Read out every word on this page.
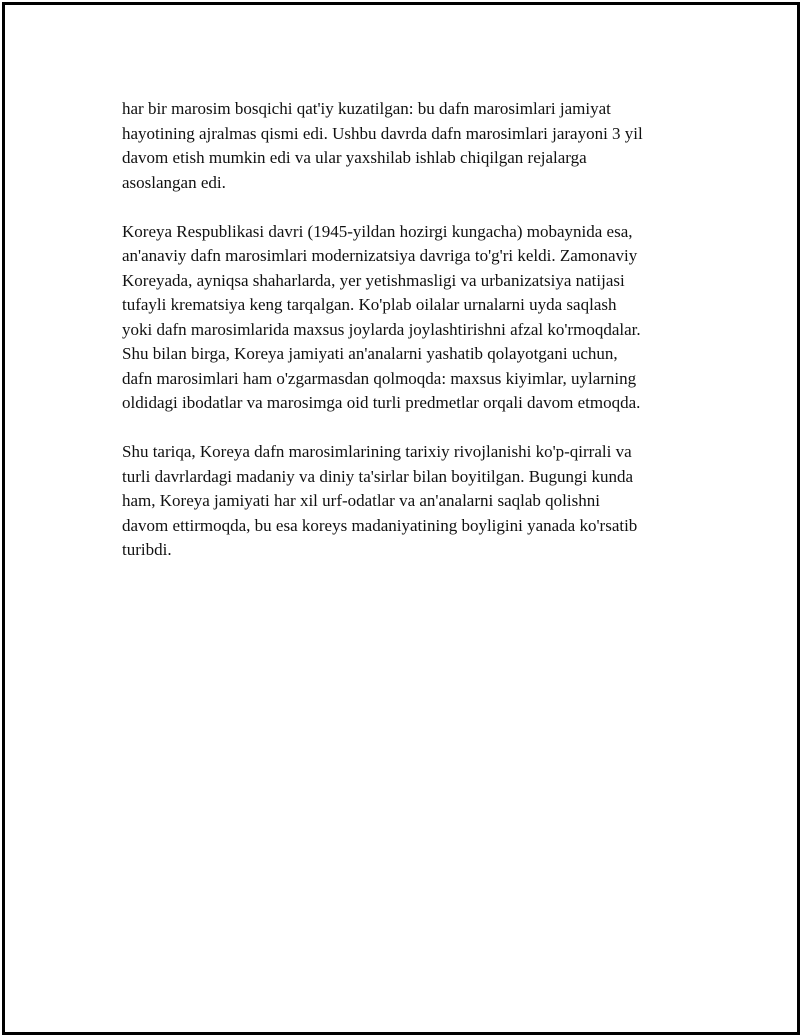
har bir marosim bosqichi qat'iy kuzatilgan: bu dafn marosimlari jamiyat
hayotining ajralmas qismi edi. Ushbu davrda dafn marosimlari jarayoni 3 yil
davom etish mumkin edi va ular yaxshilab ishlab chiqilgan rejalarga
asoslangan edi.

Koreya Respublikasi davri (1945-yildan hozirgi kungacha) mobaynida esa,
an'anaviy dafn marosimlari modernizatsiya davriga to'g'ri keldi. Zamonaviy
Koreyada, ayniqsa shaharlarda, yer yetishmasligi va urbanizatsiya natijasi
tufayli krematsiya keng tarqalgan. Ko'plab oilalar urnalarni uyda saqlash
yoki dafn marosimlarida maxsus joylarda joylashtirishni afzal ko'rmoqdalar.
Shu bilan birga, Koreya jamiyati an'analarni yashatib qolayotgani uchun,
dafn marosimlari ham o'zgarmasdan qolmoqda: maxsus kiyimlar, uylarning
oldidagi ibodatlar va marosimga oid turli predmetlar orqali davom etmoqda.

Shu tariqa, Koreya dafn marosimlarining tarixiy rivojlanishi ko'p-qirrali va
turli davrlardagi madaniy va diniy ta'sirlar bilan boyitilgan. Bugungi kunda
ham, Koreya jamiyati har xil urf-odatlar va an'analarni saqlab qolishni
davom ettirmoqda, bu esa koreys madaniyatining boyligini yanada ko'rsatib
turibdi.
